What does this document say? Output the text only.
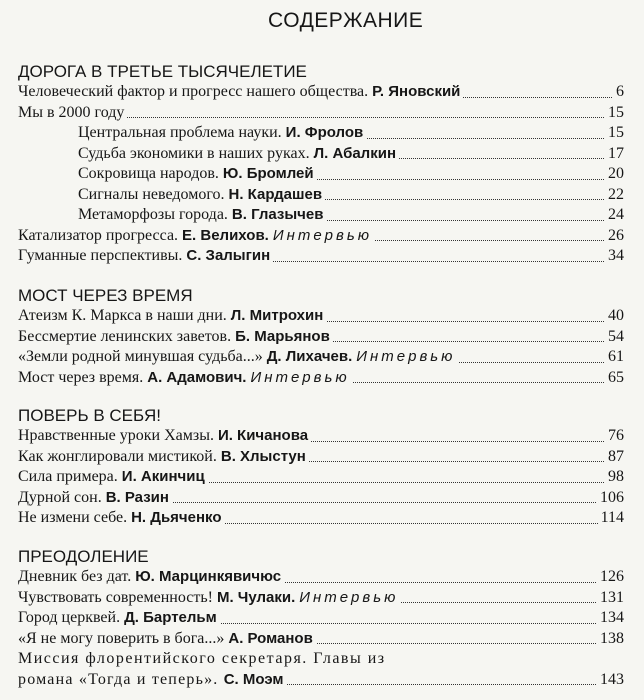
СОДЕРЖАНИЕ
ДОРОГА В ТРЕТЬЕ ТЫСЯЧЕЛЕТИЕ
Человеческий фактор и прогресс нашего общества. Р. Яновский	6
Мы в 2000 году	15
Центральная проблема науки. И. Фролов	15
Судьба экономики в наших руках. Л. Абалкин	17
Сокровища народов. Ю. Бромлей	20
Сигналы неведомого. Н. Кардашев	22
Метаморфозы города. В. Глазычев	24
Катализатор прогресса. Е. Велихов. Интервью	26
Гуманные перспективы. С. Залыгин	34
МОСТ ЧЕРЕЗ ВРЕМЯ
Атеизм К. Маркса в наши дни. Л. Митрохин	40
Бессмертие ленинских заветов. Б. Марьянов	54
«Земли родной минувшая судьба...» Д. Лихачев. Интервью	61
Мост через время. А. Адамович. Интервью	65
ПОВЕРЬ В СЕБЯ!
Нравственные уроки Хамзы. И. Кичанова	76
Как жонглировали мистикой. В. Хлыстун	87
Сила примера. И. Акинчиц	98
Дурной сон. В. Разин	106
Не измени себе. Н. Дьяченко	114
ПРЕОДОЛЕНИЕ
Дневник без дат. Ю. Марцинкявичюс	126
Чувствовать современность! М. Чулаки. Интервью	131
Город церквей. Д. Бартельм	134
«Я не могу поверить в бога...» А. Романов	138
Миссия флорентийского секретаря. Главы из
романа «Тогда и теперь». С. Моэм	143
